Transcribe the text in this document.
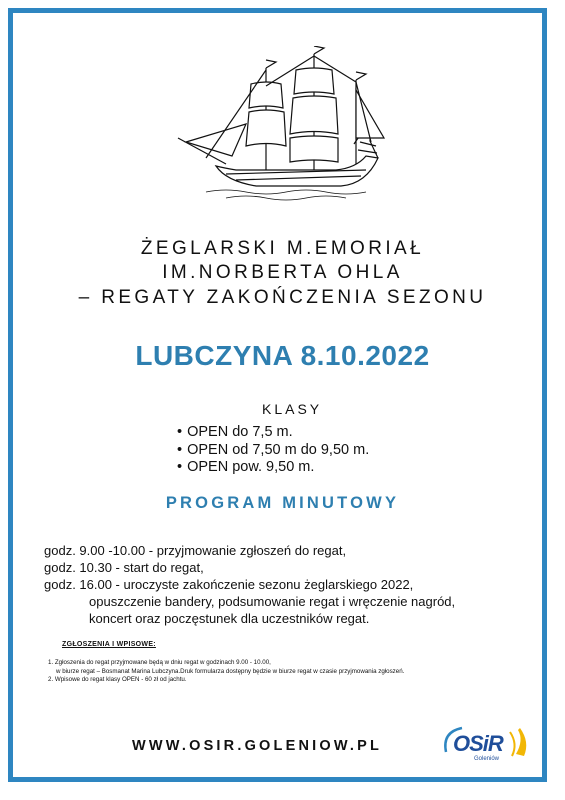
ŻEGLARSKI M.EMORIAŁ
IM.NORBERTA OHLA
– REGATY ZAKOŃCZENIA SEZONU
LUBCZYNA 8.10.2022
KLASY
• OPEN do 7,5 m.
• OPEN od 7,50 m do 9,50 m.
• OPEN pow. 9,50 m.
PROGRAM MINUTOWY
godz. 9.00 -10.00 - przyjmowanie zgłoszeń do regat,
godz. 10.30 - start do regat,
godz. 16.00 - uroczyste zakończenie sezonu żeglarskiego 2022,
opuszczenie bandery, podsumowanie regat i wręczenie nagród,
koncert oraz poczęstunek dla uczestników regat.
ZGŁOSZENIA I WPISOWE:
1. Zgłoszenia do regat przyjmowane będą w dniu regat w godzinach 9.00 - 10.00,
w biurze regat – Bosmanat Marina Lubczyna.Druk formularza dostępny będzie w biurze regat w czasie przyjmowania zgłoszeń.
2. Wpisowe do regat klasy OPEN - 60 zł od jachtu.
WWW.OSIR.GOLENIOW.PL	OSiR
Goleniów
